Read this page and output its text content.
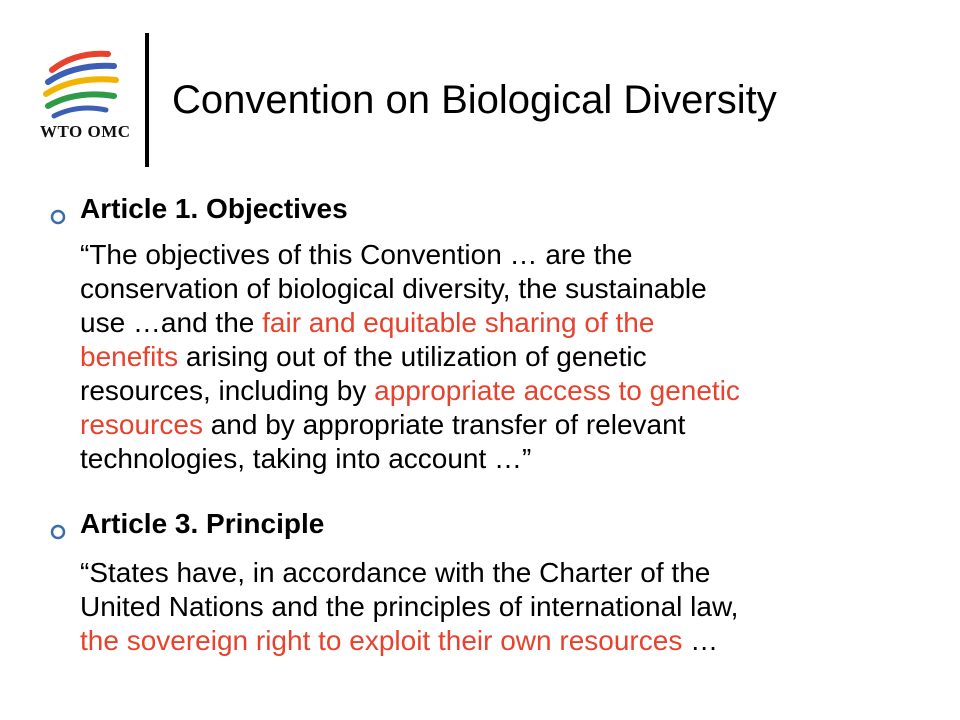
WTO OMC
Convention on Biological Diversity
Article 1. Objectives
“The objectives of this Convention … are the
conservation of biological diversity, the sustainable
use …and the fair and equitable sharing of the
benefits arising out of the utilization of genetic
resources, including by appropriate access to genetic
resources and by appropriate transfer of relevant
technologies, taking into account …”
Article 3. Principle
“States have, in accordance with the Charter of the
United Nations and the principles of international law,
the sovereign right to exploit their own resources …
